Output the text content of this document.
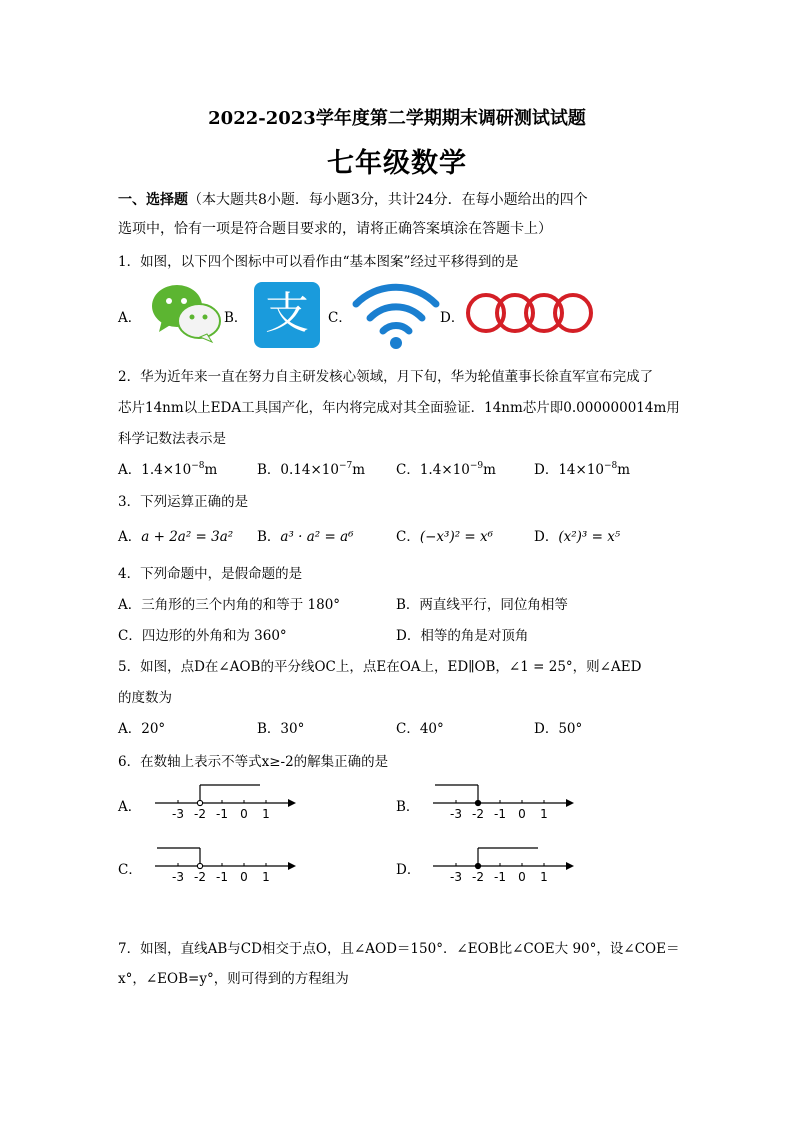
2022-2023学年度第二学期期末调研测试试题
七年级数学
一、选择题（本大题共8小题．每小题3分，共计24分．在每小题给出的四个
选项中，恰有一项是符合题目要求的，请将正确答案填涂在答题卡上）
1．如图，以下四个图标中可以看作由“基本图案”经过平移得到的是
A．	B． 支	C．	D．
2．华为近年来一直在努力自主研发核心领域，月下旬，华为轮值董事长徐直军宣布完成了
芯片14nm以上EDA工具国产化，年内将完成对其全面验证．14nm芯片即0.000000014m用
科学记数法表示是
A．$1.4\times 10^{-8}m$	B．$0.14\times 10^{-7}m$ C．$1.4\times 10^{-9}m$	D．$14\times 10^{-8}m$
3．下列运算正确的是
A．a + 2a² = 3a² B．a³ · a² = a⁶	C．(−x³)² = x⁶	D．(x²)³ = x⁵
4．下列命题中，是假命题的是
A．三角形的三个内角的和等于 180°	B．两直线平行，同位角相等
C．四边形的外角和为 360°	D．相等的角是对顶角
5．如图，点D在∠AOB的平分线OC上，点E在OA上，ED∥OB，∠1 = 25°，则∠AED
的度数为
A．20°	B．30°	C．40°	D．50°
6．在数轴上表示不等式x≥-2的解集正确的是
A．	-3 -2 -1 0 1	B．	-3 -2 -1 0 1
C．	-3 -2 -1 0 1	D． -3 -2 -1 0 1
7．如图，直线AB与CD相交于点O，且∠AOD＝150°．∠EOB比∠COE大 90°，设∠COE＝
x°，∠EOB=y°，则可得到的方程组为
